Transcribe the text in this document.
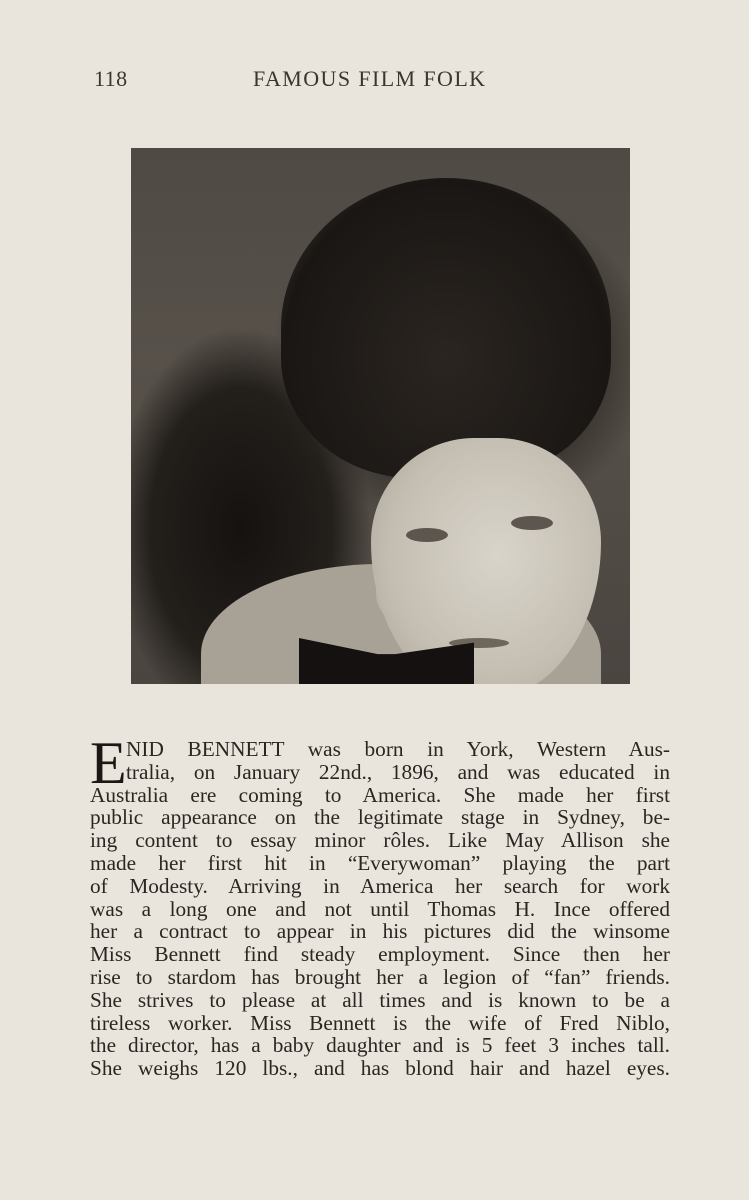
118	FAMOUS FILM FOLK
E NID BENNETT was born in York, Western Aus-
tralia, on January 22nd., 1896, and was educated in
Australia ere coming to America. She made her first
public appearance on the legitimate stage in Sydney, be-
ing content to essay minor rôles. Like May Allison she
made her first hit in “Everywoman” playing the part
of Modesty. Arriving in America her search for work
was a long one and not until Thomas H. Ince offered
her a contract to appear in his pictures did the winsome
Miss Bennett find steady employment. Since then her
rise to stardom has brought her a legion of “fan” friends.
She strives to please at all times and is known to be a
tireless worker. Miss Bennett is the wife of Fred Niblo,
the director, has a baby daughter and is 5 feet 3 inches tall.
She weighs 120 lbs., and has blond hair and hazel eyes.
